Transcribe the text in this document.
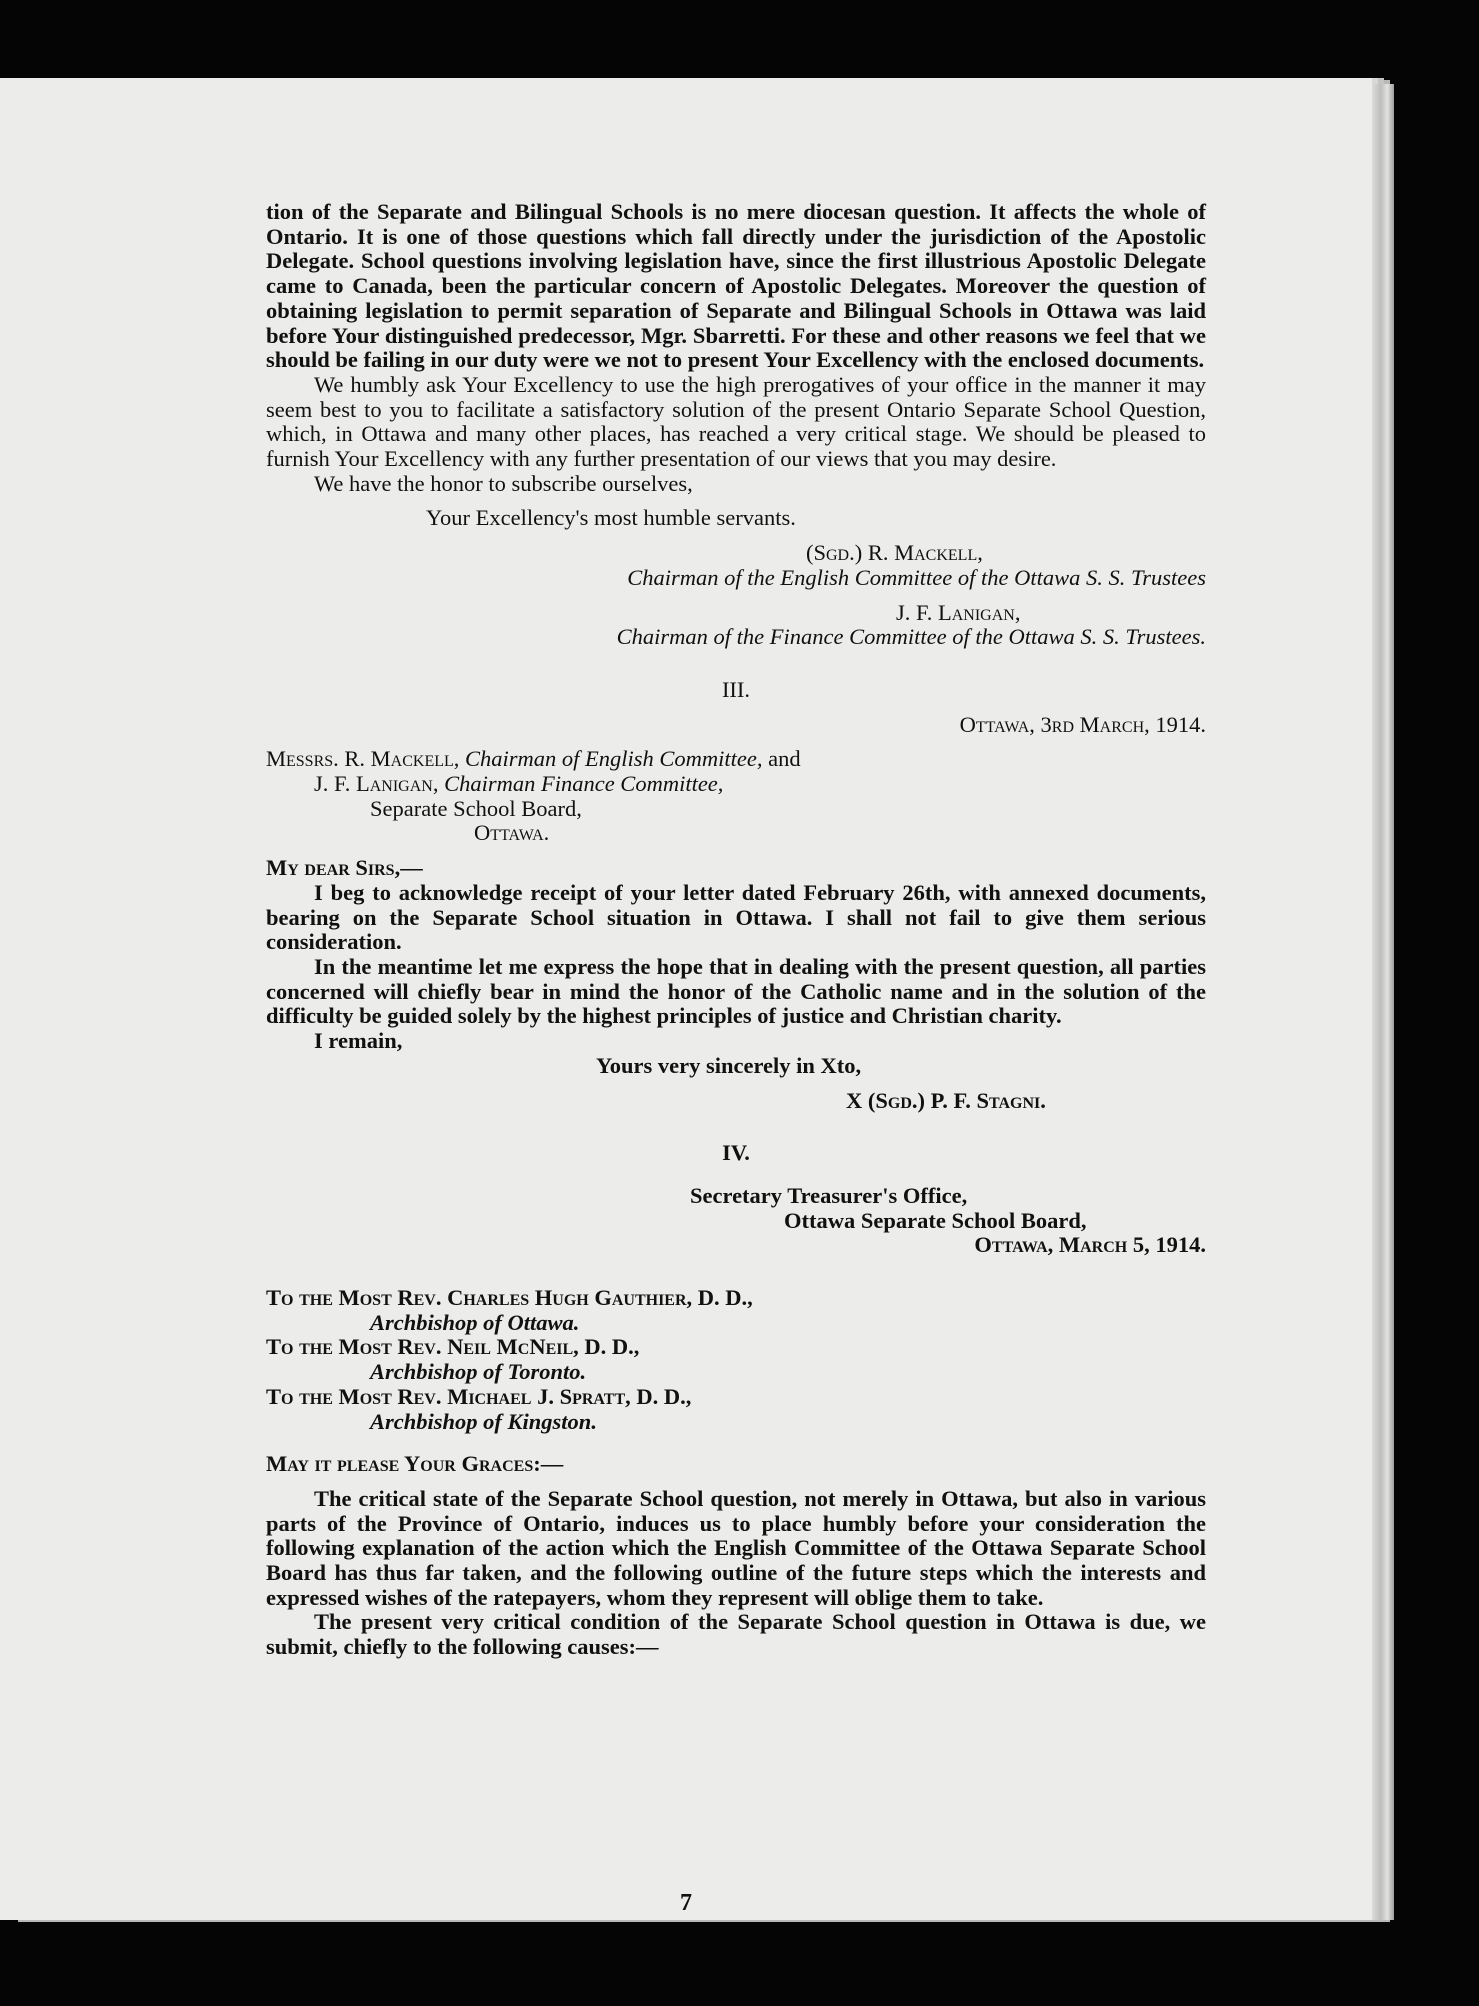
tion of the Separate and Bilingual Schools is no mere diocesan question. It affects the whole of Ontario. It is one of those questions which fall directly under the jurisdiction of the Apostolic Delegate. School questions involving legislation have, since the first illustrious Apostolic Delegate came to Canada, been the particular concern of Apostolic Delegates. Moreover the question of obtaining legislation to permit separation of Separate and Bilingual Schools in Ottawa was laid before Your distinguished predecessor, Mgr. Sbarretti. For these and other reasons we feel that we should be failing in our duty were we not to present Your Excellency with the enclosed documents.

We humbly ask Your Excellency to use the high prerogatives of your office in the manner it may seem best to you to facilitate a satisfactory solution of the present Ontario Separate School Question, which, in Ottawa and many other places, has reached a very critical stage. We should be pleased to furnish Your Excellency with any further presentation of our views that you may desire.

We have the honor to subscribe ourselves,

Your Excellency's most humble servants.

(Sgd.) R. Mackell,

Chairman of the English Committee of the Ottawa S. S. Trustees

J. F. Lanigan,

Chairman of the Finance Committee of the Ottawa S. S. Trustees.

III.

Ottawa, 3rd March, 1914.

Messrs. R. Mackell, Chairman of English Committee, and

J. F. Lanigan, Chairman Finance Committee,

Separate School Board,

Ottawa.

My dear Sirs,—

I beg to acknowledge receipt of your letter dated February 26th, with annexed documents, bearing on the Separate School situation in Ottawa. I shall not fail to give them serious consideration.

In the meantime let me express the hope that in dealing with the present question, all parties concerned will chiefly bear in mind the honor of the Catholic name and in the solution of the difficulty be guided solely by the highest principles of justice and Christian charity.

I remain,

Yours very sincerely in Xto,

X (Sgd.) P. F. Stagni.

IV.

Secretary Treasurer's Office,

Ottawa Separate School Board,

Ottawa, March 5, 1914.

To the Most Rev. Charles Hugh Gauthier, D. D.,

Archbishop of Ottawa.

To the Most Rev. Neil McNeil, D. D.,

Archbishop of Toronto.

To the Most Rev. Michael J. Spratt, D. D.,

Archbishop of Kingston.

May it please Your Graces:—

The critical state of the Separate School question, not merely in Ottawa, but also in various parts of the Province of Ontario, induces us to place humbly before your consideration the following explanation of the action which the English Committee of the Ottawa Separate School Board has thus far taken, and the following outline of the future steps which the interests and expressed wishes of the ratepayers, whom they represent will oblige them to take.

The present very critical condition of the Separate School question in Ottawa is due, we submit, chiefly to the following causes:—

7
